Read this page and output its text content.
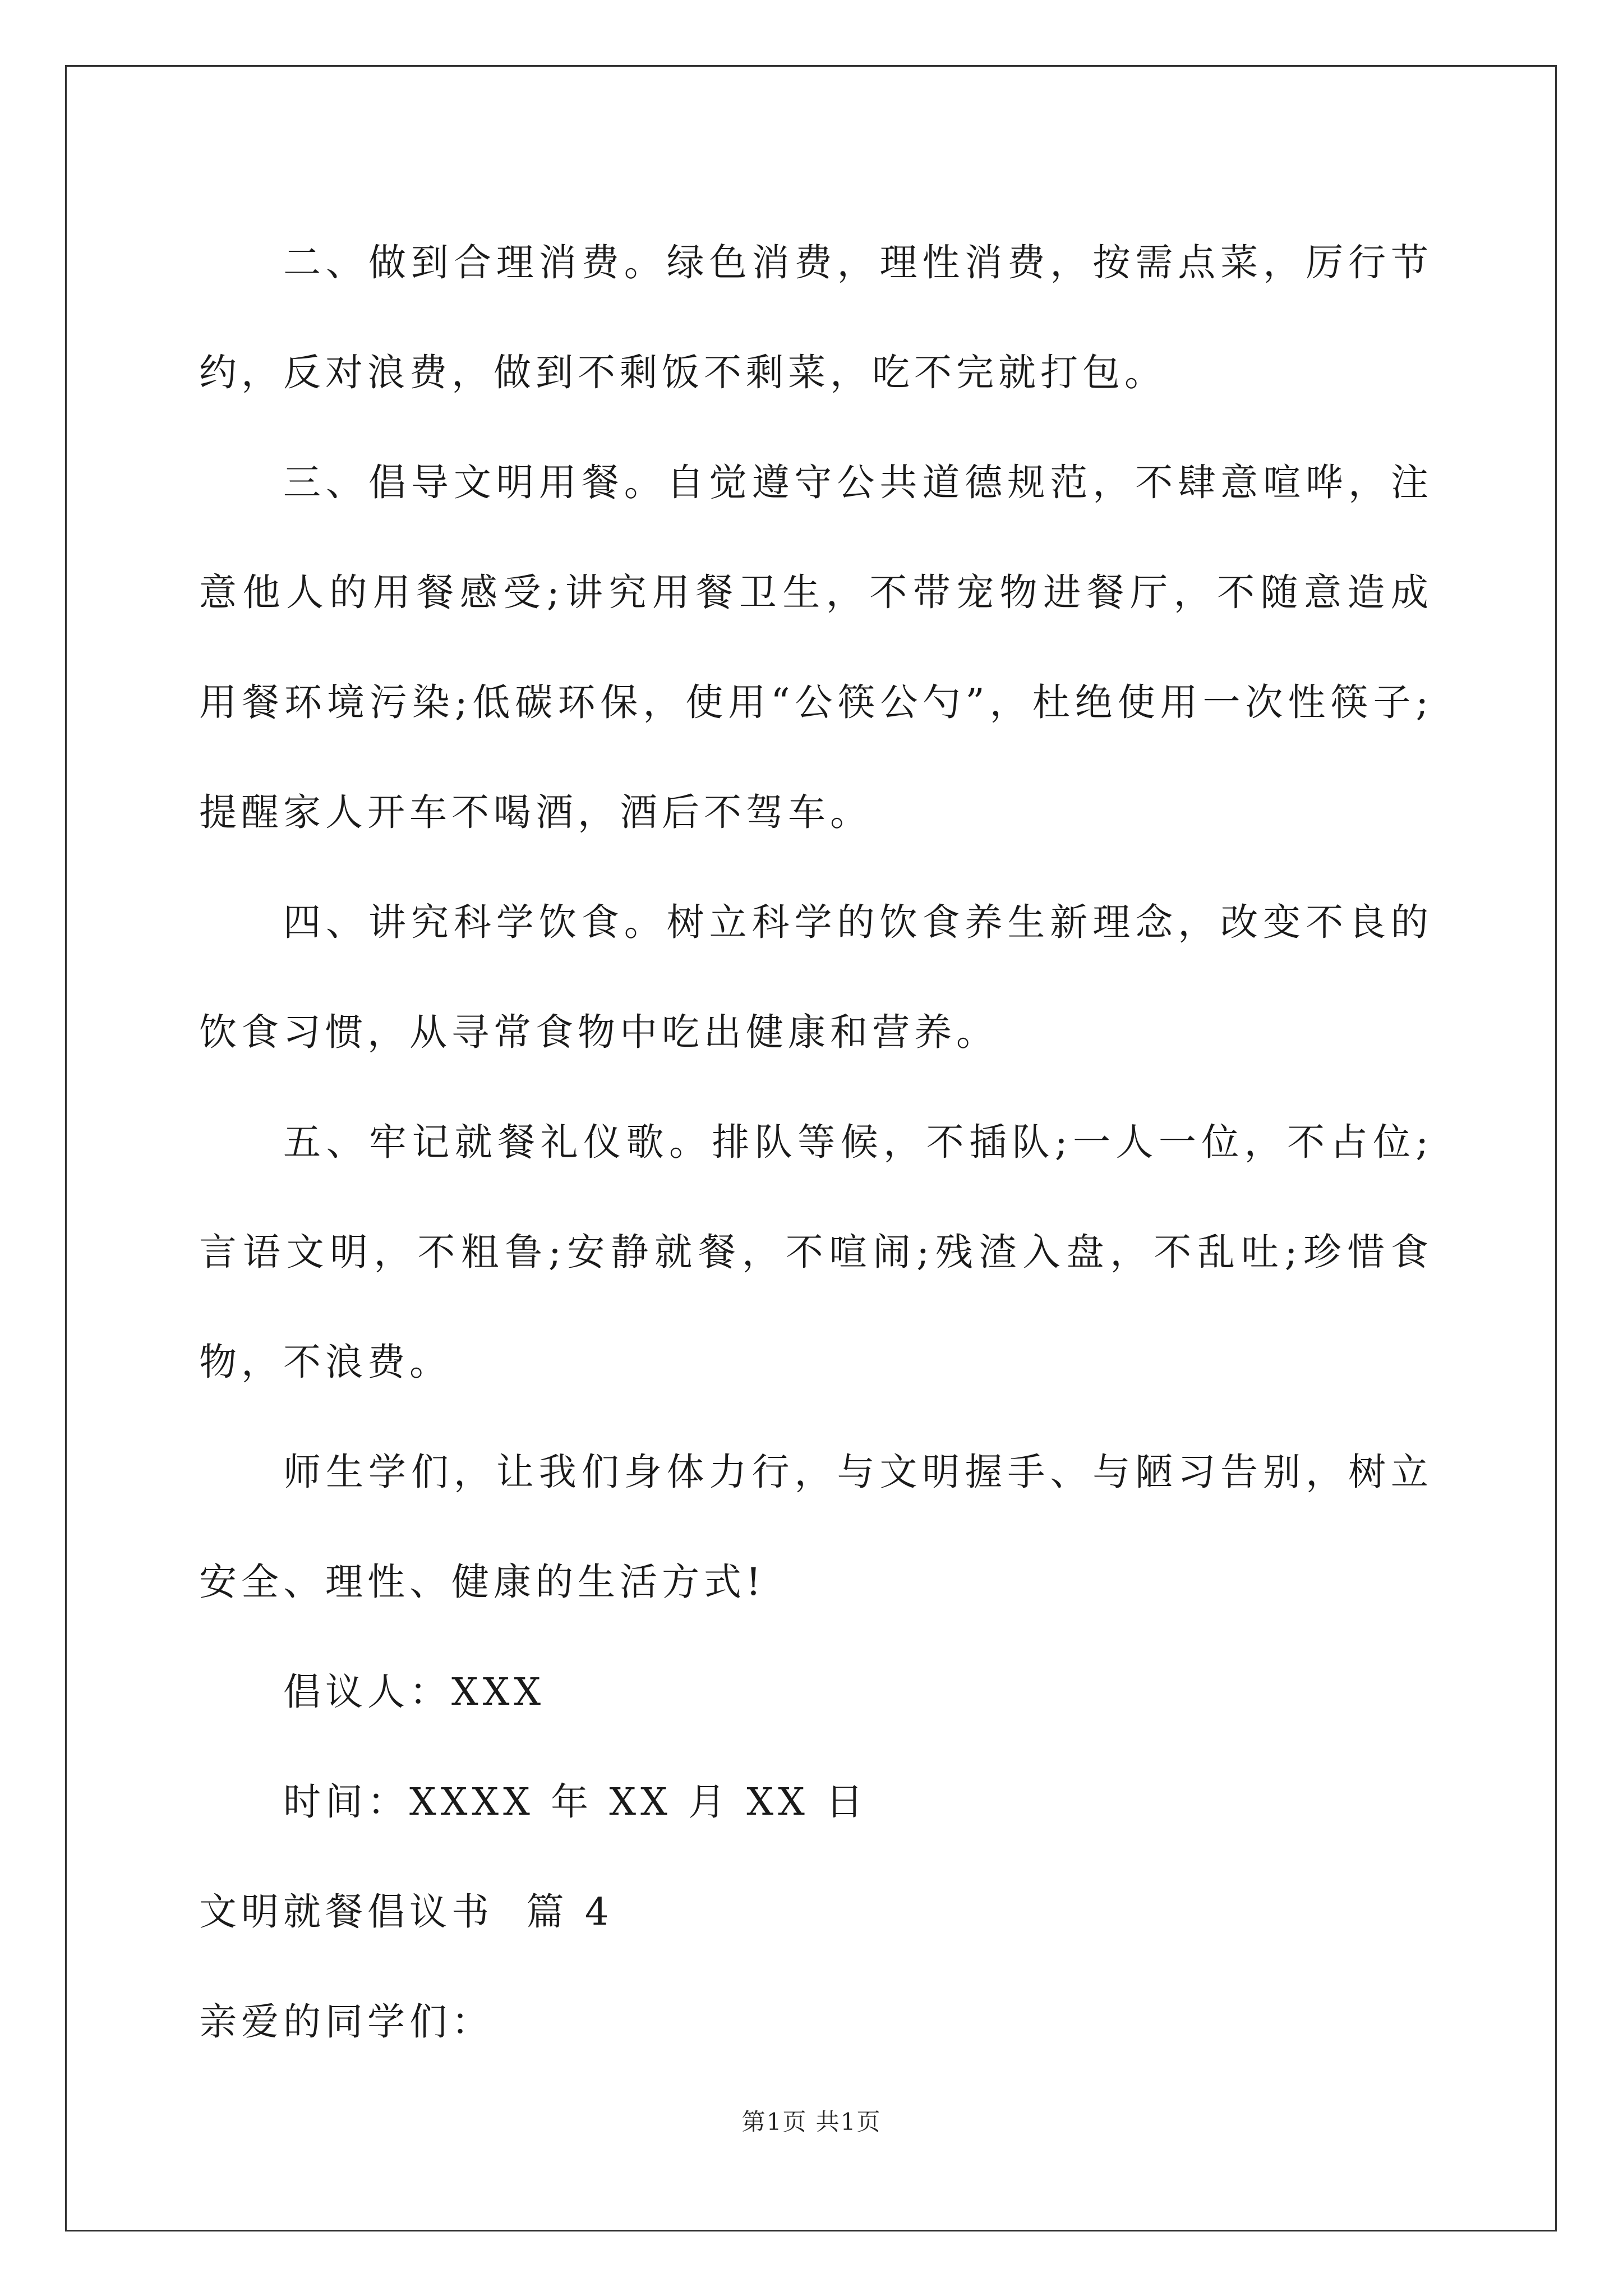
二、做到合理消费。绿色消费，理性消费，按需点菜，厉行节约，反对浪费，做到不剩饭不剩菜，吃不完就打包。

三、倡导文明用餐。自觉遵守公共道德规范，不肆意喧哗，注意他人的用餐感受;讲究用餐卫生，不带宠物进餐厅，不随意造成用餐环境污染;低碳环保，使用“公筷公勺”，杜绝使用一次性筷子;提醒家人开车不喝酒，酒后不驾车。

四、讲究科学饮食。树立科学的饮食养生新理念，改变不良的饮食习惯，从寻常食物中吃出健康和营养。

五、牢记就餐礼仪歌。排队等候，不插队;一人一位，不占位;言语文明，不粗鲁;安静就餐，不喧闹;残渣入盘，不乱吐;珍惜食物，不浪费。

师生学们，让我们身体力行，与文明握手、与陋习告别，树立安全、理性、健康的生活方式!

倡议人：XXX

时间：XXXX 年 XX 月 XX 日

文明就餐倡议书  篇 4

亲爱的同学们：

第1页 共1页
